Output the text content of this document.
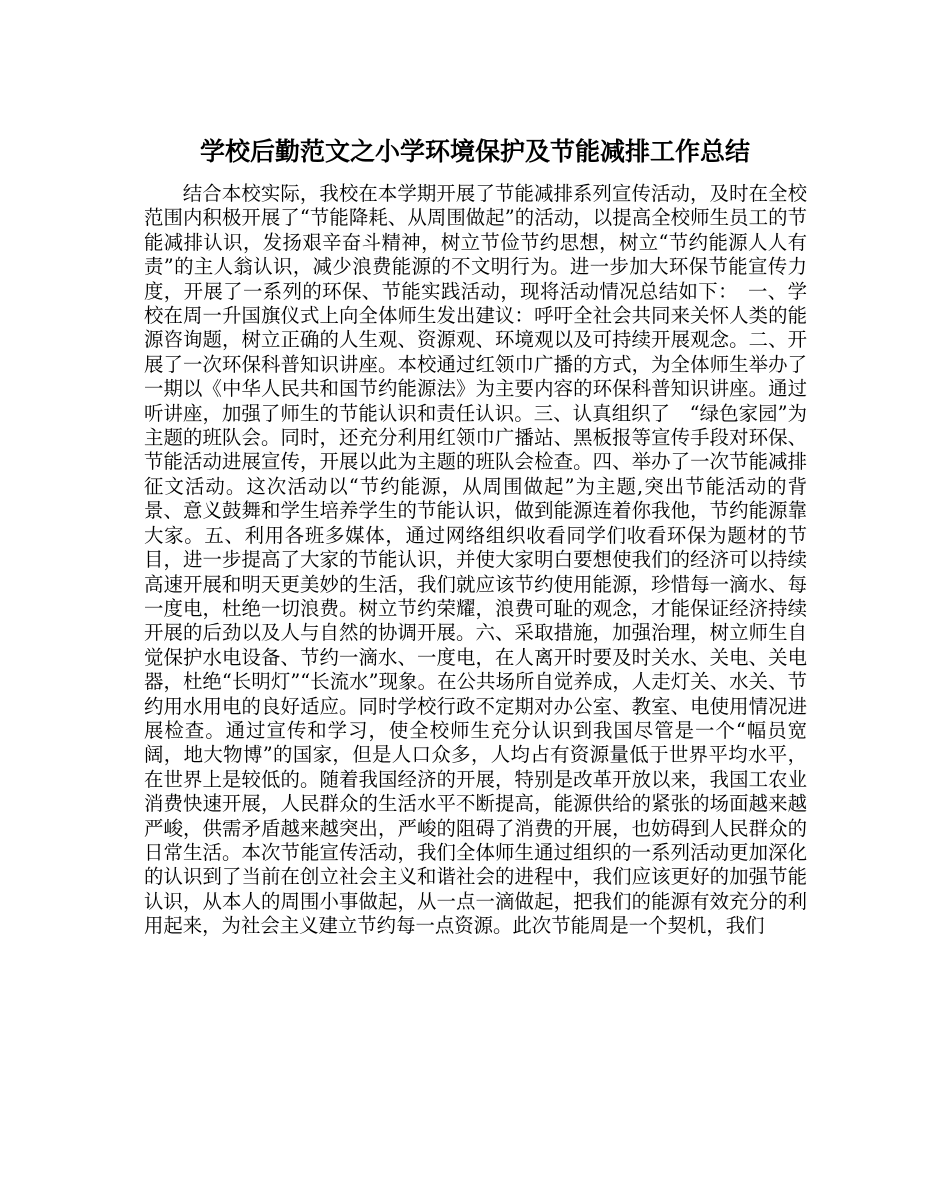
学校后勤范文之小学环境保护及节能减排工作总结

结合本校实际，我校在本学期开展了节能减排系列宣传活动，及时在全校范围内积极开展了“节能降耗、从周围做起”的活动，以提高全校师生员工的节能减排认识，发扬艰辛奋斗精神，树立节俭节约思想，树立“节约能源人人有责”的主人翁认识，减少浪费能源的不文明行为。进一步加大环保节能宣传力度，开展了一系列的环保、节能实践活动，现将活动情况总结如下：　一、学校在周一升国旗仪式上向全体师生发出建议：呼吁全社会共同来关怀人类的能源咨询题，树立正确的人生观、资源观、环境观以及可持续开展观念。二、开展了一次环保科普知识讲座。本校通过红领巾广播的方式，为全体师生举办了一期以《中华人民共和国节约能源法》为主要内容的环保科普知识讲座。通过听讲座，加强了师生的节能认识和责任认识。三、认真组织了　“绿色家园”为主题的班队会。同时，还充分利用红领巾广播站、黑板报等宣传手段对环保、节能活动进展宣传，开展以此为主题的班队会检查。四、举办了一次节能减排征文活动。这次活动以“节约能源，从周围做起”为主题,突出节能活动的背景、意义鼓舞和学生培养学生的节能认识，做到能源连着你我他，节约能源靠大家。五、利用各班多媒体，通过网络组织收看同学们收看环保为题材的节目，进一步提高了大家的节能认识，并使大家明白要想使我们的经济可以持续高速开展和明天更美妙的生活，我们就应该节约使用能源，珍惜每一滴水、每一度电，杜绝一切浪费。树立节约荣耀，浪费可耻的观念，才能保证经济持续开展的后劲以及人与自然的协调开展。六、采取措施，加强治理，树立师生自觉保护水电设备、节约一滴水、一度电，在人离开时要及时关水、关电、关电器，杜绝“长明灯”“长流水”现象。在公共场所自觉养成，人走灯关、水关、节约用水用电的良好适应。同时学校行政不定期对办公室、教室、电使用情况进展检查。通过宣传和学习，使全校师生充分认识到我国尽管是一个“幅员宽阔，地大物博”的国家，但是人口众多，人均占有资源量低于世界平均水平，在世界上是较低的。随着我国经济的开展，特别是改革开放以来，我国工农业消费快速开展，人民群众的生活水平不断提高，能源供给的紧张的场面越来越严峻，供需矛盾越来越突出，严峻的阻碍了消费的开展，也妨碍到人民群众的日常生活。本次节能宣传活动，我们全体师生通过组织的一系列活动更加深化的认识到了当前在创立社会主义和谐社会的进程中，我们应该更好的加强节能认识，从本人的周围小事做起，从一点一滴做起，把我们的能源有效充分的利用起来，为社会主义建立节约每一点资源。此次节能周是一个契机，我们
